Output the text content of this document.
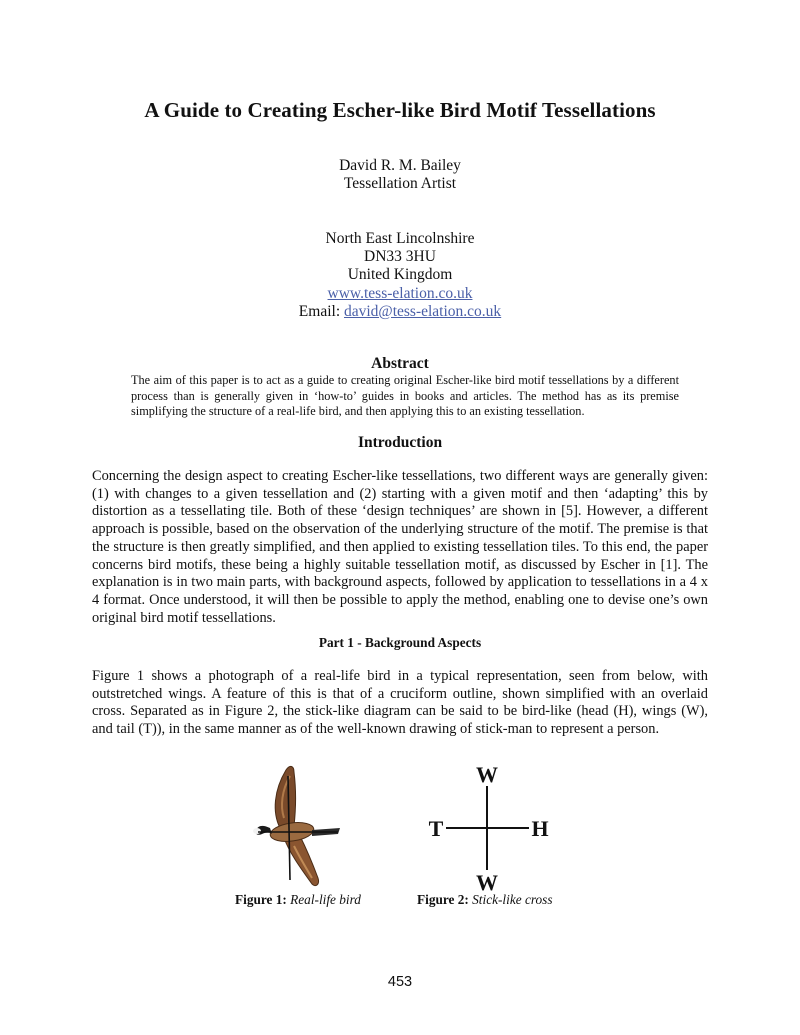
A Guide to Creating Escher-like Bird Motif Tessellations
David R. M. Bailey
Tessellation Artist
North East Lincolnshire
DN33 3HU
United Kingdom
www.tess-elation.co.uk
Email: david@tess-elation.co.uk
Abstract
The aim of this paper is to act as a guide to creating original Escher-like bird motif tessellations by a different process than is generally given in ‘how-to’ guides in books and articles. The method has as its premise simplifying the structure of a real-life bird, and then applying this to an existing tessellation.
Introduction

Concerning the design aspect to creating Escher-like tessellations, two different ways are generally given: (1) with changes to a given tessellation and (2) starting with a given motif and then ‘adapting’ this by distortion as a tessellating tile. Both of these ‘design techniques’ are shown in [5]. However, a different approach is possible, based on the observation of the underlying structure of the motif. The premise is that the structure is then greatly simplified, and then applied to existing tessellation tiles. To this end, the paper concerns bird motifs, these being a highly suitable tessellation motif, as discussed by Escher in [1]. The explanation is in two main parts, with background aspects, followed by application to tessellations in a 4 x 4 format. Once understood, it will then be possible to apply the method, enabling one to devise one’s own original bird motif tessellations.

Part 1 - Background Aspects

Figure 1 shows a photograph of a real-life bird in a typical representation, seen from below, with outstretched wings. A feature of this is that of a cruciform outline, shown simplified with an overlaid cross. Separated as in Figure 2, the stick-like diagram can be said to be bird-like (head (H), wings (W), and tail (T)), in the same manner as of the well-known drawing of stick-man to represent a person.

W
W
T	H
Figure 1: Real-life bird	Figure 2: Stick-like cross
453
